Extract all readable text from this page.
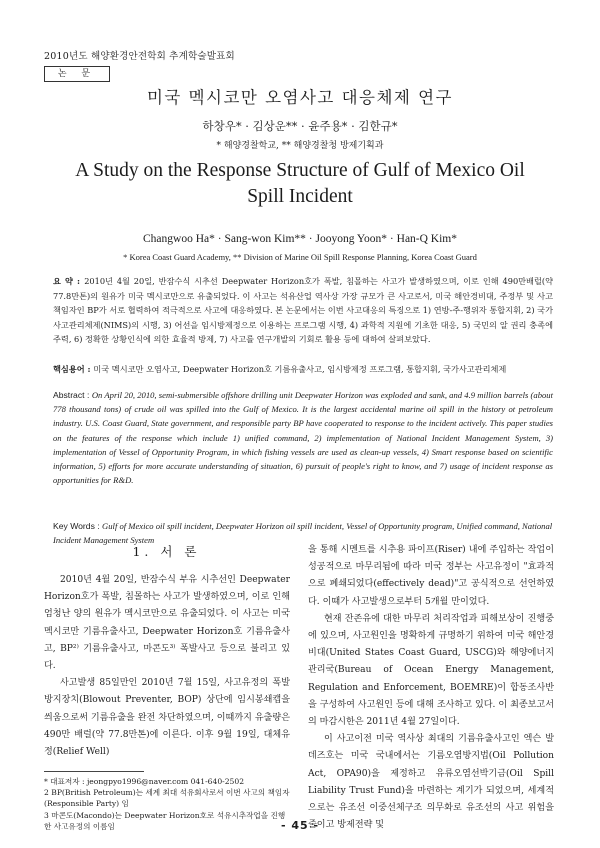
2010년도 해양환경안전학회 추계학술발표회
논 문
미국 멕시코만 오염사고 대응체제 연구
하창우* · 김상운** · 윤주용* · 김한규*
* 해양경찰학교, ** 해양경찰청 방제기획과
A Study on the Response Structure of Gulf of Mexico Oil Spill Incident
Changwoo Ha* · Sang-won Kim** · Jooyong Yoon* · Han-Q Kim*
* Korea Coast Guard Academy, ** Division of Marine Oil Spill Response Planning, Korea Coast Guard
요 약 : 2010년 4월 20일, 반잠수식 시추선 Deepwater Horizon호가 폭발, 침몰하는 사고가 발생하였으며, 이로 인해 490만배럴(약 77.8만톤)의 원유가 미국 멕시코만으로 유출되었다. 이 사고는 석유산업 역사상 가장 규모가 큰 사고로서, 미국 해안경비대, 주정부 및 사고책임자인 BP가 서로 협력하여 적극적으로 사고에 대응하였다. 본 논문에서는 이번 사고대응의 특징으로 1) 연방-주-행위자 통합지휘, 2) 국가사고관리체제(NIMS)의 시행, 3) 어선을 임시방제정으로 이용하는 프로그램 시행, 4) 과학적 지원에 기초한 대응, 5) 국민의 알 권리 충족에 주력, 6) 정확한 상황인식에 의한 효율적 방제, 7) 사고를 연구개발의 기회로 활용 등에 대하여 살펴보았다.
핵심용어 : 미국 멕시코만 오염사고, Deepwater Horizon호 기름유출사고, 임시방제정 프로그램, 통합지휘, 국가사고관리체제
Abstract : On April 20, 2010, semi-submersible offshore drilling unit Deepwater Horizon was exploded and sank, and 4.9 million barrels (about 778 thousand tons) of crude oil was spilled into the Gulf of Mexico. It is the largest accidental marine oil spill in the history ot petroleum industry. U.S. Coast Guard, State government, and responsible party BP have cooperated to response to the incident actively. This paper studies on the features of the response which include 1) unified command, 2) implementation of National Incident Management System, 3) implementation of Vessel of Opportunity Program, in which fishing vessels are used as clean-up vessels, 4) Smart response based on scientific information, 5) efforts for more accurate understanding of situation, 6) pursuit of people's right to know, and 7) usage of incident response as opportunities for R&D.
Key Words : Gulf of Mexico oil spill incident, Deepwater Horizon oil spill incident, Vessel of Opportunity program, Unified command, National Incident Management System
1. 서 론

2010년 4월 20일, 반잠수식 부유 시추선인 Deepwater Horizon호가 폭발, 침몰하는 사고가 발생하였으며, 이로 인해 엄청난 양의 원유가 멕시코만으로 유출되었다. 이 사고는 미국 멕시코만 기름유출사고, Deepwater Horizon호 기름유출사고, BP²⁾ 기름유출사고, 마콘도³⁾ 폭발사고 등으로 불리고 있다.

사고발생 85일만인 2010년 7월 15일, 사고유정의 폭발방지장치(Blowout Preventer, BOP) 상단에 임시봉쇄캡을 씌움으로써 기름유출을 완전 차단하였으며, 이때까지 유출량은 490만 배럴(약 77.8만톤)에 이른다. 이후 9월 19일, 대체유정(Relief Well)

을 통해 시멘트를 시추용 파이프(Riser) 내에 주입하는 작업이 성공적으로 마무리됨에 따라 미국 정부는 사고유정이 "효과적으로 폐쇄되었다(effectively dead)"고 공식적으로 선언하였다. 이때가 사고발생으로부터 5개월 만이었다.

현재 잔존유에 대한 마무리 처리작업과 피해보상이 진행중에 있으며, 사고원인을 명확하게 규명하기 위하여 미국 해안경비대(United States Coast Guard, USCG)와 해양에너지관리국(Bureau of Ocean Energy Management, Regulation and Enforcement, BOEMRE)이 합동조사반을 구성하여 사고원인 등에 대해 조사하고 있다. 이 최종보고서의 마감시한은 2011년 4월 27일이다.

이 사고이전 미국 역사상 최대의 기름유출사고인 엑슨 발데즈호는 미국 국내에서는 기름오염방지법(Oil Pollution Act, OPA90)을 제정하고 유류오염선박기금(Oil Spill Liability Trust Fund)을 마련하는 계기가 되었으며, 세계적으로는 유조선 이중선체구조 의무화로 유조선의 사고 위험을 줄이고 방제전략 및

* 대표저자 : jeongpyo1996@naver.com 041-640-2502
2 BP(British Petroleum)는 세계 최대 석유회사로서 이번 사고의 책임자(Responsible Party) 임
3 마콘도(Macondo)는 Deepwater Horizon호로 석유시추작업을 진행한 사고유정의 이름임	- 45 -
